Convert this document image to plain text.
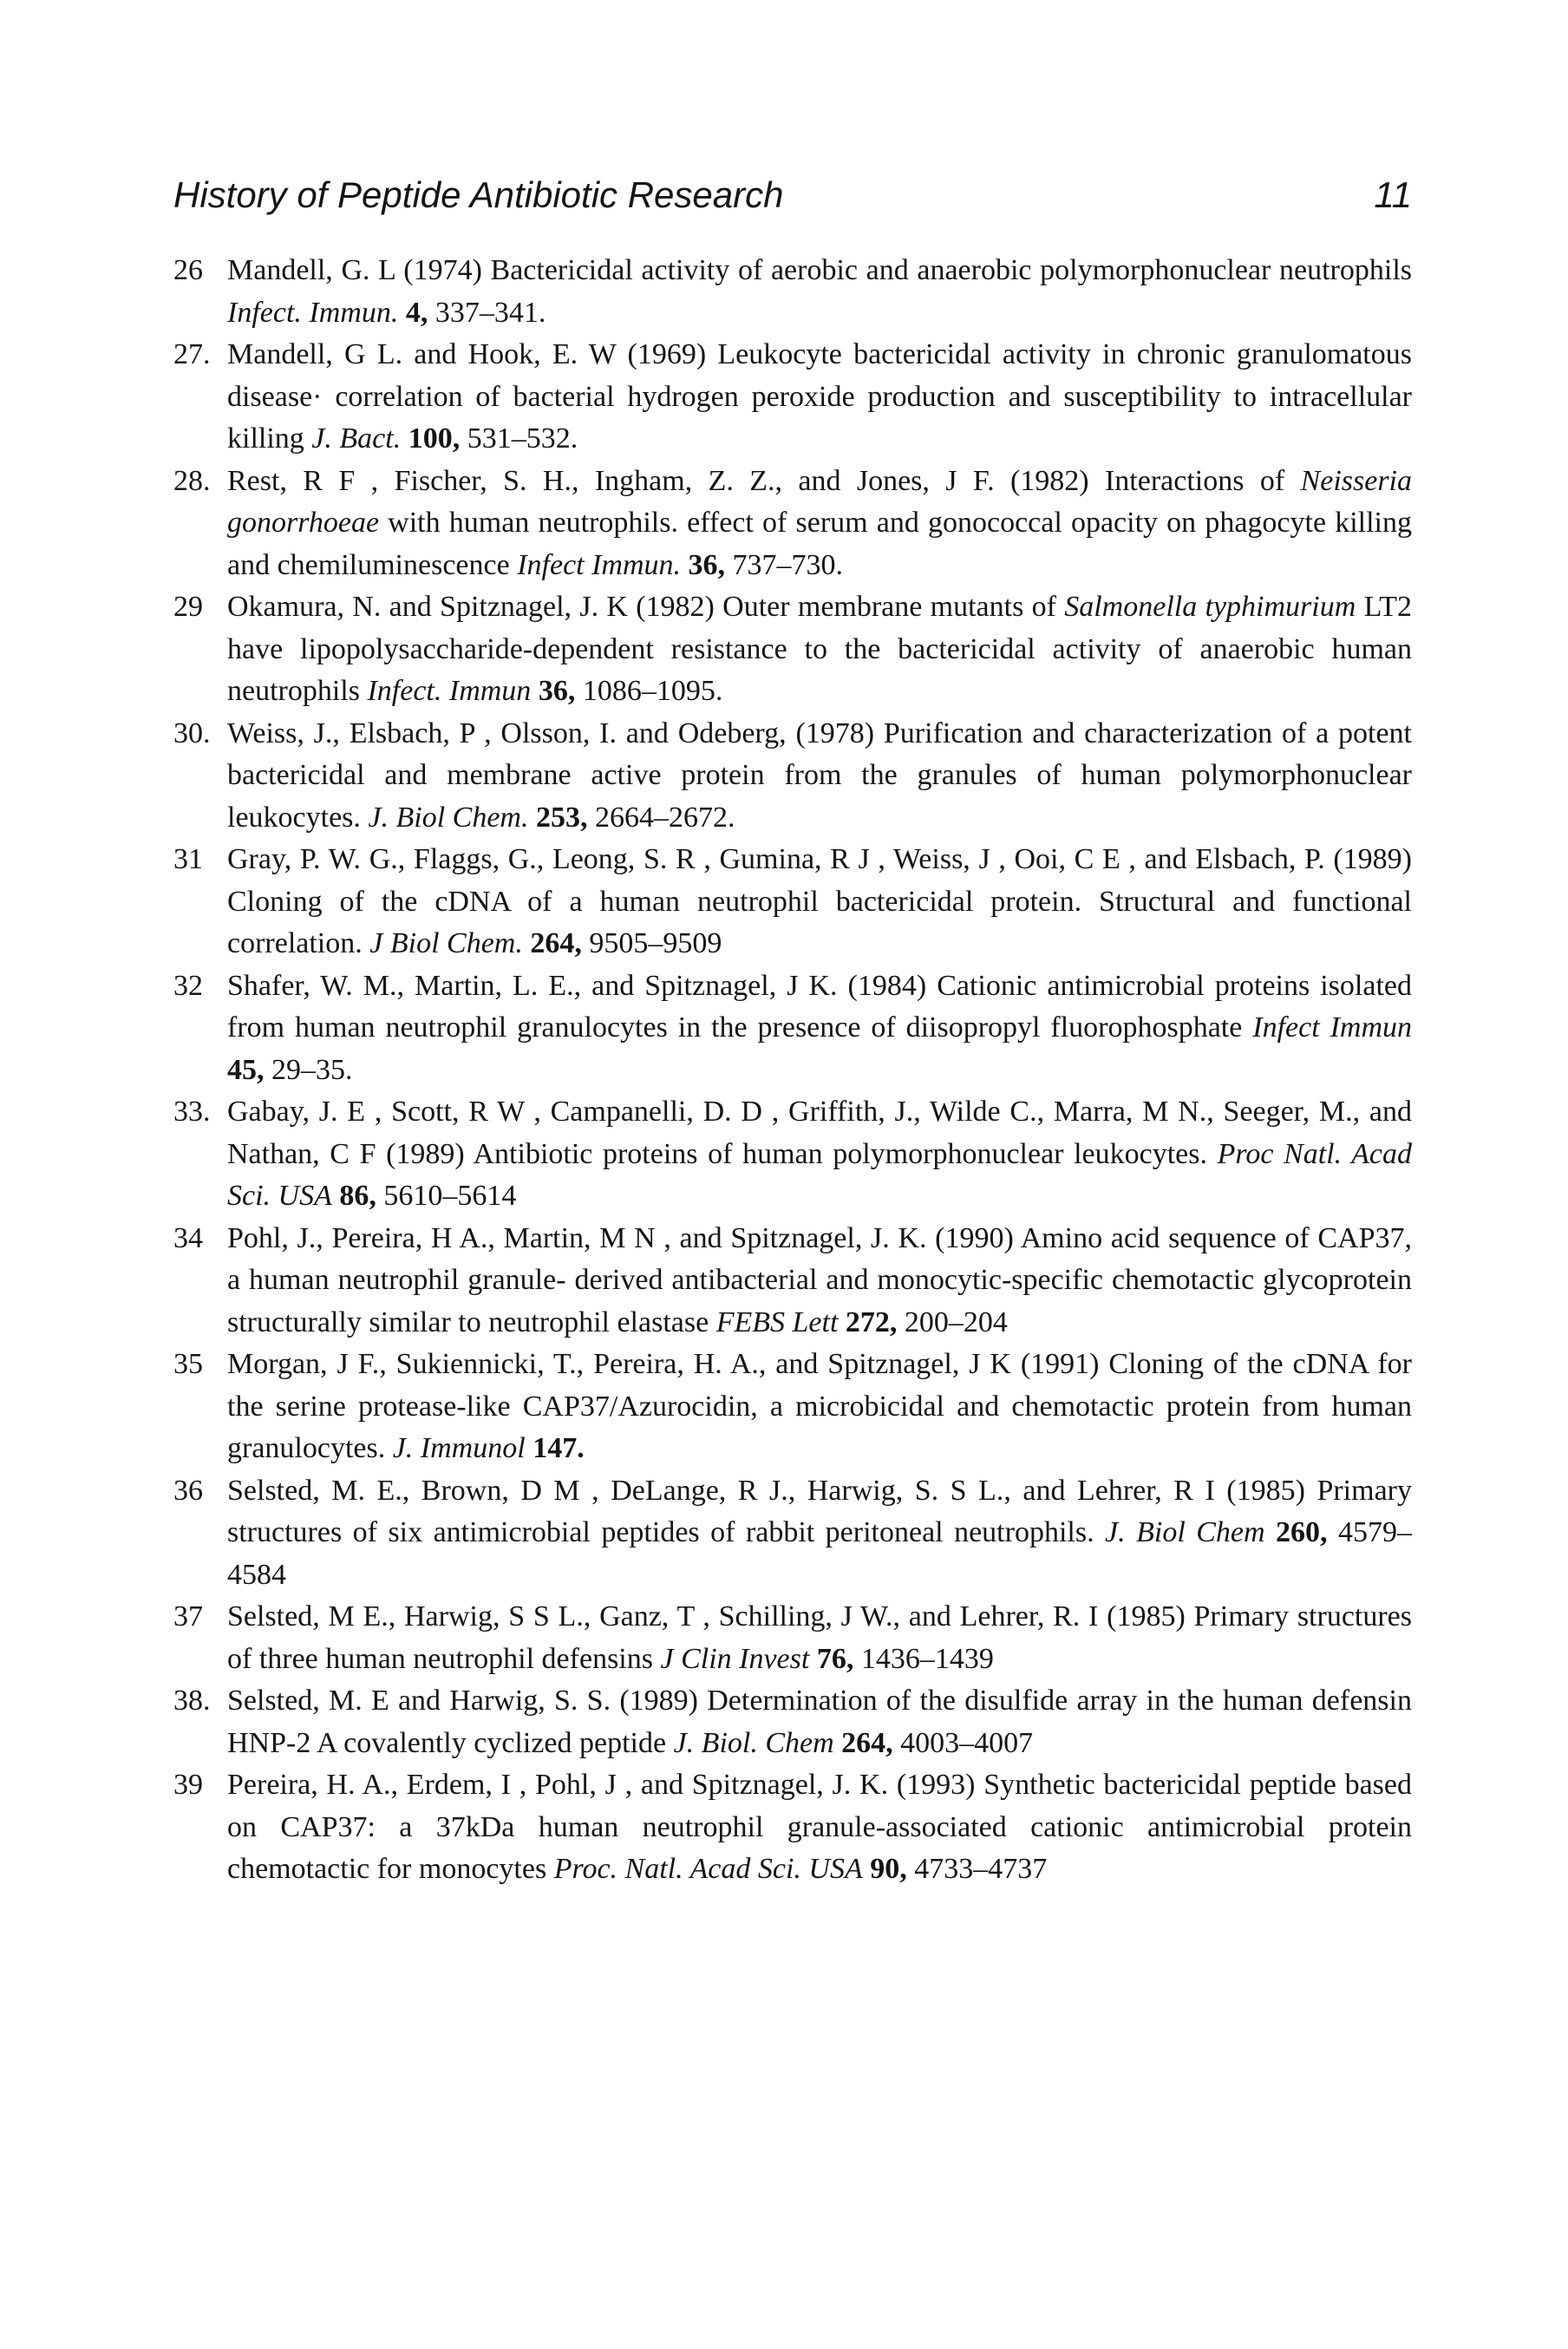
History of Peptide Antibiotic Research	11
26 Mandell, G. L (1974) Bactericidal activity of aerobic and anaerobic polymorphonuclear neutrophils Infect. Immun. 4, 337–341.
27. Mandell, G L. and Hook, E. W (1969) Leukocyte bactericidal activity in chronic granulomatous disease· correlation of bacterial hydrogen peroxide production and susceptibility to intracellular killing J. Bact. 100, 531–532.
28. Rest, R F , Fischer, S. H., Ingham, Z. Z., and Jones, J F. (1982) Interactions of Neisseria gonorrhoeae with human neutrophils. effect of serum and gonococcal opacity on phagocyte killing and chemiluminescence Infect Immun. 36, 737–730.
29 Okamura, N. and Spitznagel, J. K (1982) Outer membrane mutants of Salmonella typhimurium LT2 have lipopolysaccharide-dependent resistance to the bactericidal activity of anaerobic human neutrophils Infect. Immun 36, 1086–1095.
30. Weiss, J., Elsbach, P , Olsson, I. and Odeberg, (1978) Purification and characterization of a potent bactericidal and membrane active protein from the granules of human polymorphonuclear leukocytes. J. Biol Chem. 253, 2664–2672.
31 Gray, P. W. G., Flaggs, G., Leong, S. R , Gumina, R J , Weiss, J , Ooi, C E , and Elsbach, P. (1989) Cloning of the cDNA of a human neutrophil bactericidal protein. Structural and functional correlation. J Biol Chem. 264, 9505–9509
32 Shafer, W. M., Martin, L. E., and Spitznagel, J K. (1984) Cationic antimicrobial proteins isolated from human neutrophil granulocytes in the presence of diisopropyl fluorophosphate Infect Immun 45, 29–35.
33. Gabay, J. E , Scott, R W , Campanelli, D. D , Griffith, J., Wilde C., Marra, M N., Seeger, M., and Nathan, C F (1989) Antibiotic proteins of human polymorphonuclear leukocytes. Proc Natl. Acad Sci. USA 86, 5610–5614
34 Pohl, J., Pereira, H A., Martin, M N , and Spitznagel, J. K. (1990) Amino acid sequence of CAP37, a human neutrophil granule- derived antibacterial and monocytic-specific chemotactic glycoprotein structurally similar to neutrophil elastase FEBS Lett 272, 200–204
35 Morgan, J F., Sukiennicki, T., Pereira, H. A., and Spitznagel, J K (1991) Cloning of the cDNA for the serine protease-like CAP37/Azurocidin, a microbicidal and chemotactic protein from human granulocytes. J. Immunol 147.
36 Selsted, M. E., Brown, D M , DeLange, R J., Harwig, S. S L., and Lehrer, R I (1985) Primary structures of six antimicrobial peptides of rabbit peritoneal neutrophils. J. Biol Chem 260, 4579–4584
37 Selsted, M E., Harwig, S S L., Ganz, T , Schilling, J W., and Lehrer, R. I (1985) Primary structures of three human neutrophil defensins J Clin Invest 76, 1436–1439
38. Selsted, M. E and Harwig, S. S. (1989) Determination of the disulfide array in the human defensin HNP-2 A covalently cyclized peptide J. Biol. Chem 264, 4003–4007
39 Pereira, H. A., Erdem, I , Pohl, J , and Spitznagel, J. K. (1993) Synthetic bactericidal peptide based on CAP37: a 37kDa human neutrophil granule-associated cationic antimicrobial protein chemotactic for monocytes Proc. Natl. Acad Sci. USA 90, 4733–4737
